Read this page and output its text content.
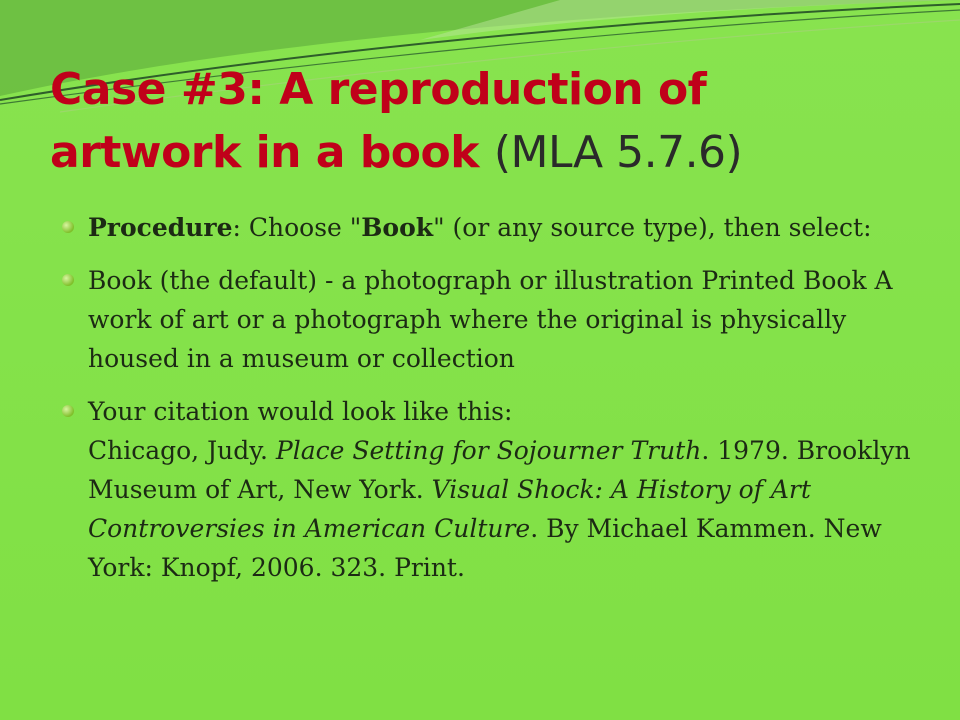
Case #3: A reproduction of
artwork in a book (MLA 5.7.6)
Procedure: Choose "Book" (or any source type), then select:
Book (the default) - a photograph or illustration Printed Book A work of art or a photograph where the original is physically housed in a museum or collection
Your citation would look like this:
Chicago, Judy. Place Setting for Sojourner Truth. 1979. Brooklyn Museum of Art, New York. Visual Shock: A History of Art Controversies in American Culture. By Michael Kammen. New York: Knopf, 2006. 323. Print.
